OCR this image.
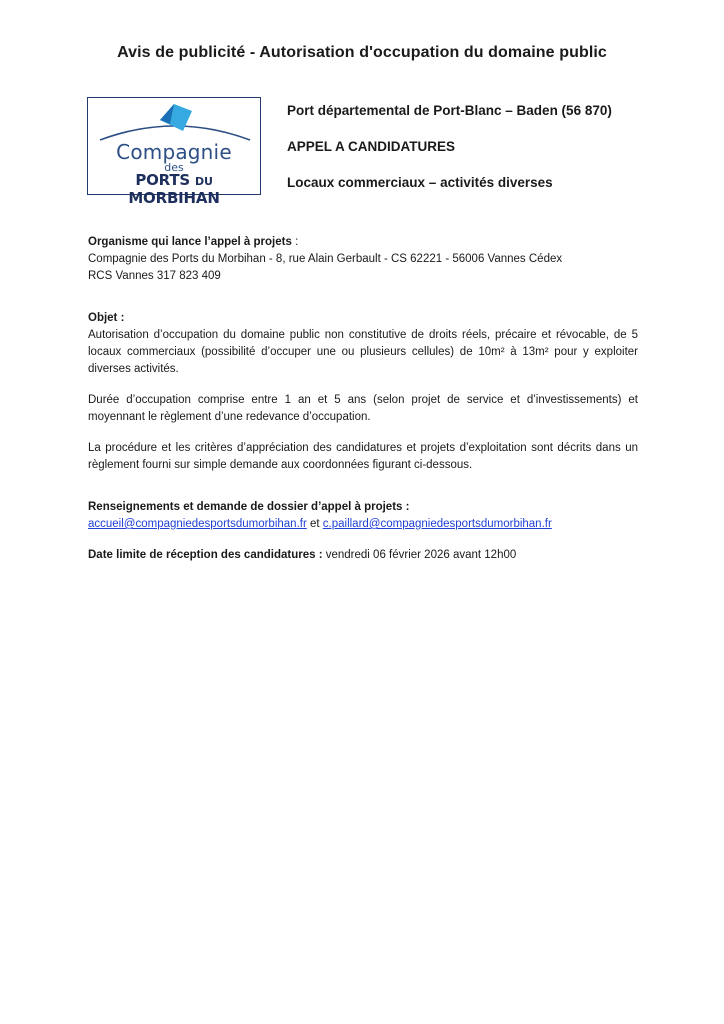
Avis de publicité - Autorisation d'occupation du domaine public
Compagnie
des
PORTS DU MORBIHAN
Port départemental de Port-Blanc – Baden (56 870)
APPEL A CANDIDATURES
Locaux commerciaux – activités diverses

Organisme qui lance l’appel à projets :

Compagnie des Ports du Morbihan - 8, rue Alain Gerbault - CS 62221 - 56006 Vannes Cédex

RCS Vannes 317 823 409

Objet :

Autorisation d’occupation du domaine public non constitutive de droits réels, précaire et révocable, de 5 locaux commerciaux (possibilité d’occuper une ou plusieurs cellules) de 10m² à 13m² pour y exploiter diverses activités.

Durée d’occupation comprise entre 1 an et 5 ans (selon projet de service et d’investissements) et moyennant le règlement d’une redevance d’occupation.

La procédure et les critères d’appréciation des candidatures et projets d’exploitation sont décrits dans un règlement fourni sur simple demande aux coordonnées figurant ci-dessous.

Renseignements et demande de dossier d’appel à projets :

accueil@compagniedesportsdumorbihan.fr et c.paillard@compagniedesportsdumorbihan.fr

Date limite de réception des candidatures : vendredi 06 février 2026 avant 12h00
